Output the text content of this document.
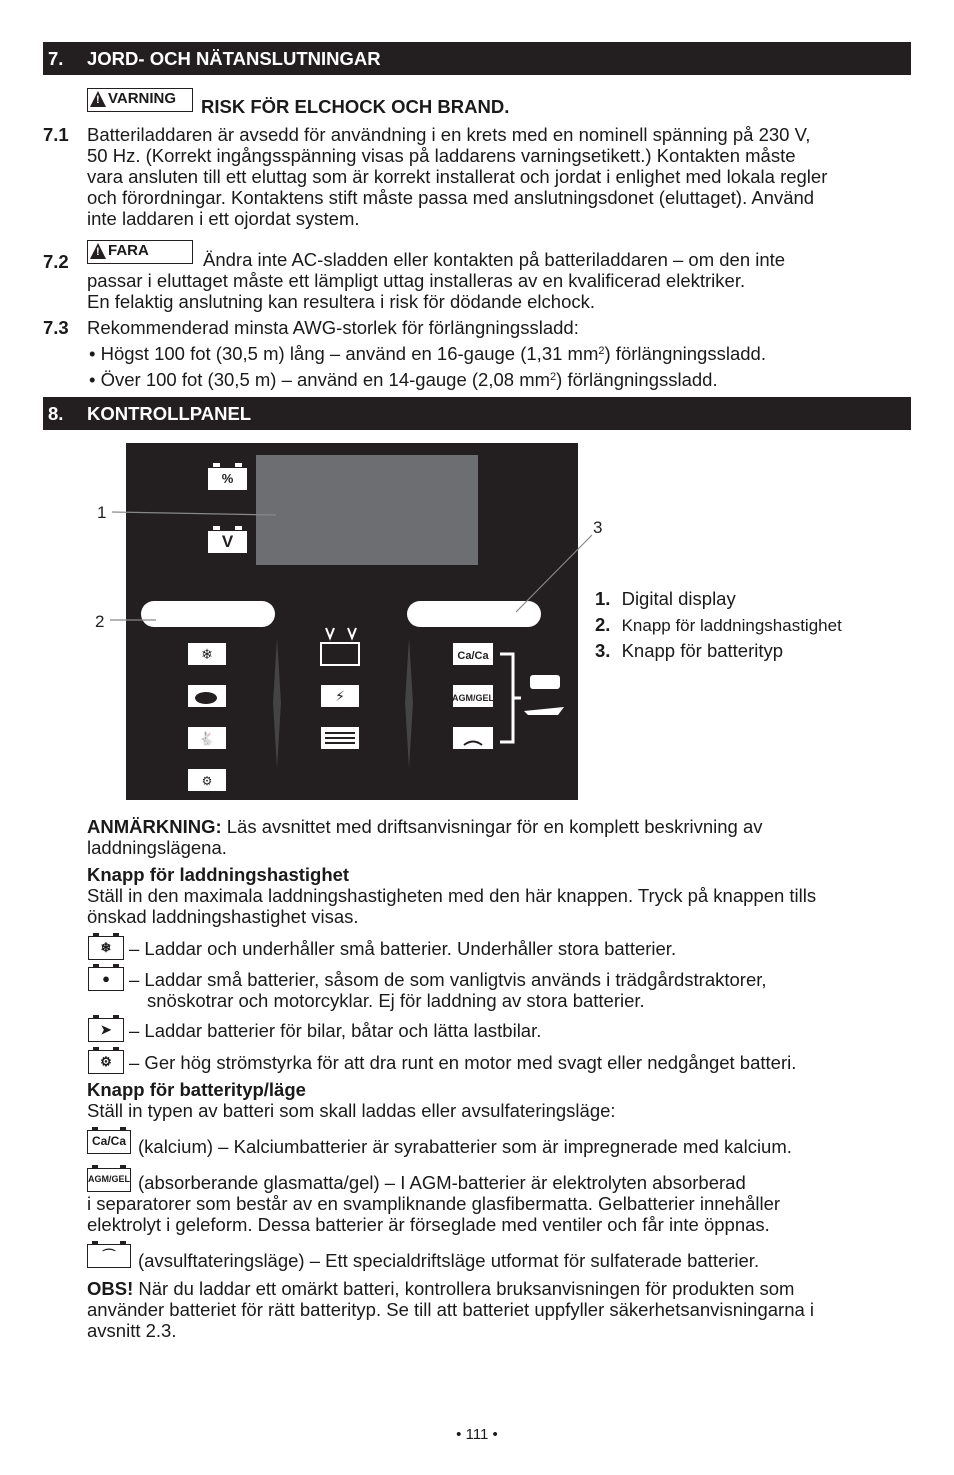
7. JORD- OCH NÄTANSLUTNINGAR
!
VARNING	RISK FÖR ELCHOCK OCH BRAND.
7.1 Batteriladdaren är avsedd för användning i en krets med en nominell spänning på 230 V,
50 Hz. (Korrekt ingångsspänning visas på laddarens varningsetikett.) Kontakten måste
vara ansluten till ett eluttag som är korrekt installerat och jordat i enlighet med lokala regler
och förordningar. Kontaktens stift måste passa med anslutningsdonet (eluttaget). Använd
inte laddaren i ett ojordat system.
7.2
!
FARA	Ändra inte AC-sladden eller kontakten på batteriladdaren – om den inte
passar i eluttaget måste ett lämpligt uttag installeras av en kvalificerad elektriker.
En felaktig anslutning kan resultera i risk för dödande elchock.
7.3 Rekommenderad minsta AWG-storlek för förlängningssladd:
• Högst 100 fot (30,5 m) lång – använd en 16-gauge (1,31 $mm^2$) förlängningssladd.
• Över 100 fot (30,5 m) – använd en 14-gauge (2,08 $mm^2$) förlängningssladd.
8. KONTROLLPANEL
%
V
❄
🐇
⚙
⚡
Ca/Ca
AGM/GEL
1
2
3
1. Digital display
2. Knapp för laddningshastighet
3. Knapp för batterityp
ANMÄRKNING: Läs avsnittet med driftsanvisningar för en komplett beskrivning av
laddningslägena.
Knapp för laddningshastighet
Ställ in den maximala laddningshastigheten med den här knappen. Tryck på knappen tills
önskad laddningshastighet visas.
❄ – Laddar och underhåller små batterier. Underhåller stora batterier.
●	– Laddar små batterier, såsom de som vanligtvis används i trädgårdstraktorer,
snöskotrar och motorcyklar. Ej för laddning av stora batterier.
➤ – Laddar batterier för bilar, båtar och lätta lastbilar.
⚙ – Ger hög strömstyrka för att dra runt en motor med svagt eller nedgånget batteri.
Knapp för batterityp/läge
Ställ in typen av batteri som skall laddas eller avsulfateringsläge:
Ca/Ca (kalcium) – Kalciumbatterier är syrabatterier som är impregnerade med kalcium.
AGM/GEL (absorberande glasmatta/gel) – I AGM-batterier är elektrolyten absorberad
i separatorer som består av en svampliknande glasfibermatta. Gelbatterier innehåller
elektrolyt i geleform. Dessa batterier är förseglade med ventiler och får inte öppnas.
⌒	(avsulftateringsläge) – Ett specialdriftsläge utformat för sulfaterade batterier.
OBS! När du laddar ett omärkt batteri, kontrollera bruksanvisningen för produkten som
använder batteriet för rätt batterityp. Se till att batteriet uppfyller säkerhetsanvisningarna i
avsnitt 2.3.
• 111 •
